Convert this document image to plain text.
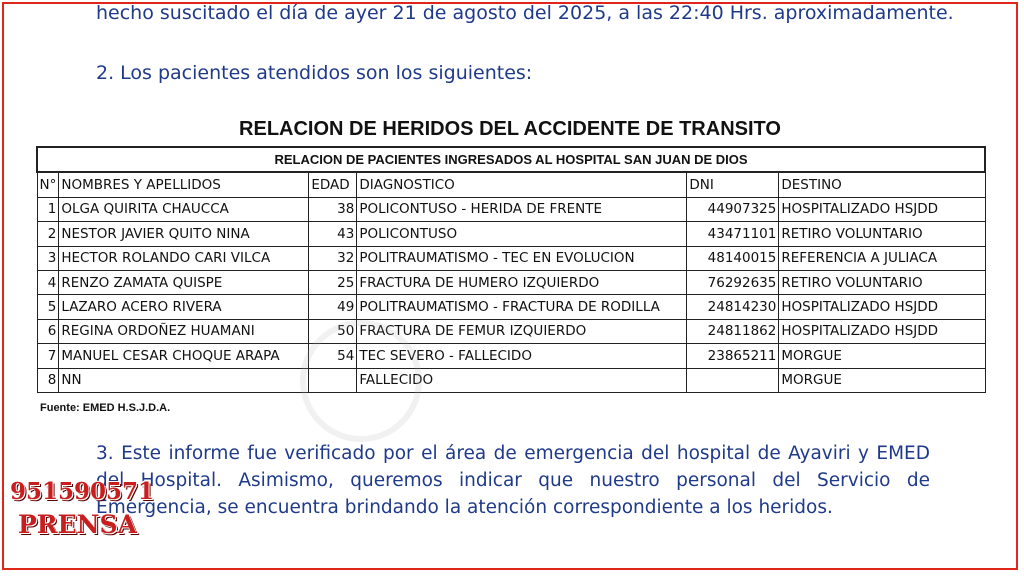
hecho suscitado el día de ayer 21 de agosto del 2025, a las 22:40 Hrs. aproximadamente.
2. Los pacientes atendidos son los siguientes:
RELACION DE HERIDOS DEL ACCIDENTE DE TRANSITO
RELACION DE PACIENTES INGRESADOS AL HOSPITAL SAN JUAN DE DIOS					
N°	NOMBRES Y APELLIDOS	EDAD	DIAGNOSTICO	DNI	DESTINO
1	OLGA QUIRITA CHAUCCA	38	POLICONTUSO - HERIDA DE FRENTE	44907325	HOSPITALIZADO HSJDD
2	NESTOR JAVIER QUITO NINA	43	POLICONTUSO	43471101	RETIRO VOLUNTARIO
3	HECTOR ROLANDO CARI VILCA	32	POLITRAUMATISMO - TEC EN EVOLUCION	48140015	REFERENCIA A JULIACA
4	RENZO ZAMATA QUISPE	25	FRACTURA DE HUMERO IZQUIERDO	76292635	RETIRO VOLUNTARIO
5	LAZARO ACERO RIVERA	49	POLITRAUMATISMO - FRACTURA DE RODILLA	24814230	HOSPITALIZADO HSJDD
6	REGINA ORDOÑEZ HUAMANI	50	FRACTURA DE FEMUR IZQUIERDO	24811862	HOSPITALIZADO HSJDD
7	MANUEL CESAR CHOQUE ARAPA	54	TEC SEVERO - FALLECIDO	23865211	MORGUE
8	NN		FALLECIDO		MORGUE
Fuente: EMED H.S.J.D.A.
3. Este informe fue verificado por el área de emergencia del hospital de Ayaviri y EMED del Hospital. Asimismo, queremos indicar que nuestro personal del Servicio de Emergencia, se encuentra brindando la atención correspondiente a los heridos.
951590571
PRENSA
